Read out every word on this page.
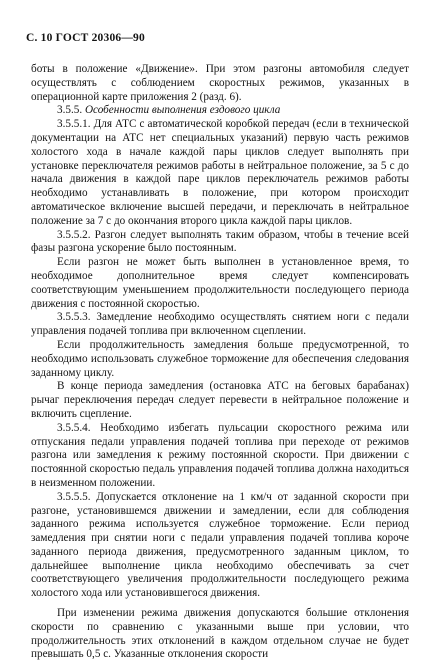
С. 10 ГОСТ 20306—90

боты в положение «Движение». При этом разгоны автомобиля следует осуществлять с соблюдением скоростных режимов, указанных в операционной карте приложения 2 (разд. 6).

3.5.5. Особенности выполнения ездового цикла

3.5.5.1. Для АТС с автоматической коробкой передач (если в технической документации на АТС нет специальных указаний) первую часть режимов холостого хода в начале каждой пары циклов следует выполнять при установке переключателя режимов работы в нейтральное положение, за 5 с до начала движения в каждой паре циклов переключатель режимов работы необходимо устанавливать в положение, при котором происходит автоматическое включение высшей передачи, и переключать в нейтральное положение за 7 с до окончания второго цикла каждой пары циклов.

3.5.5.2. Разгон следует выполнять таким образом, чтобы в течение всей фазы разгона ускорение было постоянным.

Если разгон не может быть выполнен в установленное время, то необходимое дополнительное время следует компенсировать соответствующим уменьшением продолжительности последующего периода движения с постоянной скоростью.

3.5.5.3. Замедление необходимо осуществлять снятием ноги с педали управления подачей топлива при включенном сцеплении.

Если продолжительность замедления больше предусмотренной, то необходимо использовать служебное торможение для обеспечения следования заданному циклу.

В конце периода замедления (остановка АТС на беговых барабанах) рычаг переключения передач следует перевести в нейтральное положение и включить сцепление.

3.5.5.4. Необходимо избегать пульсации скоростного режима или отпускания педали управления подачей топлива при переходе от режимов разгона или замедления к режиму постоянной скорости. При движении с постоянной скоростью педаль управления подачей топлива должна находиться в неизменном положении.

3.5.5.5. Допускается отклонение на 1 км/ч от заданной скорости при разгоне, установившемся движении и замедлении, если для соблюдения заданного режима используется служебное торможение. Если период замедления при снятии ноги с педали управления подачей топлива короче заданного периода движения, предусмотренного заданным циклом, то дальнейшее выполнение цикла необходимо обеспечивать за счет соответствующего увеличения продолжительности последующего режима холостого хода или установившегося движения.

При изменении режима движения допускаются большие отклонения скорости по сравнению с указанными выше при условии, что продолжительность этих отклонений в каждом отдельном случае не будет превышать 0,5 с. Указанные отклонения скорости
